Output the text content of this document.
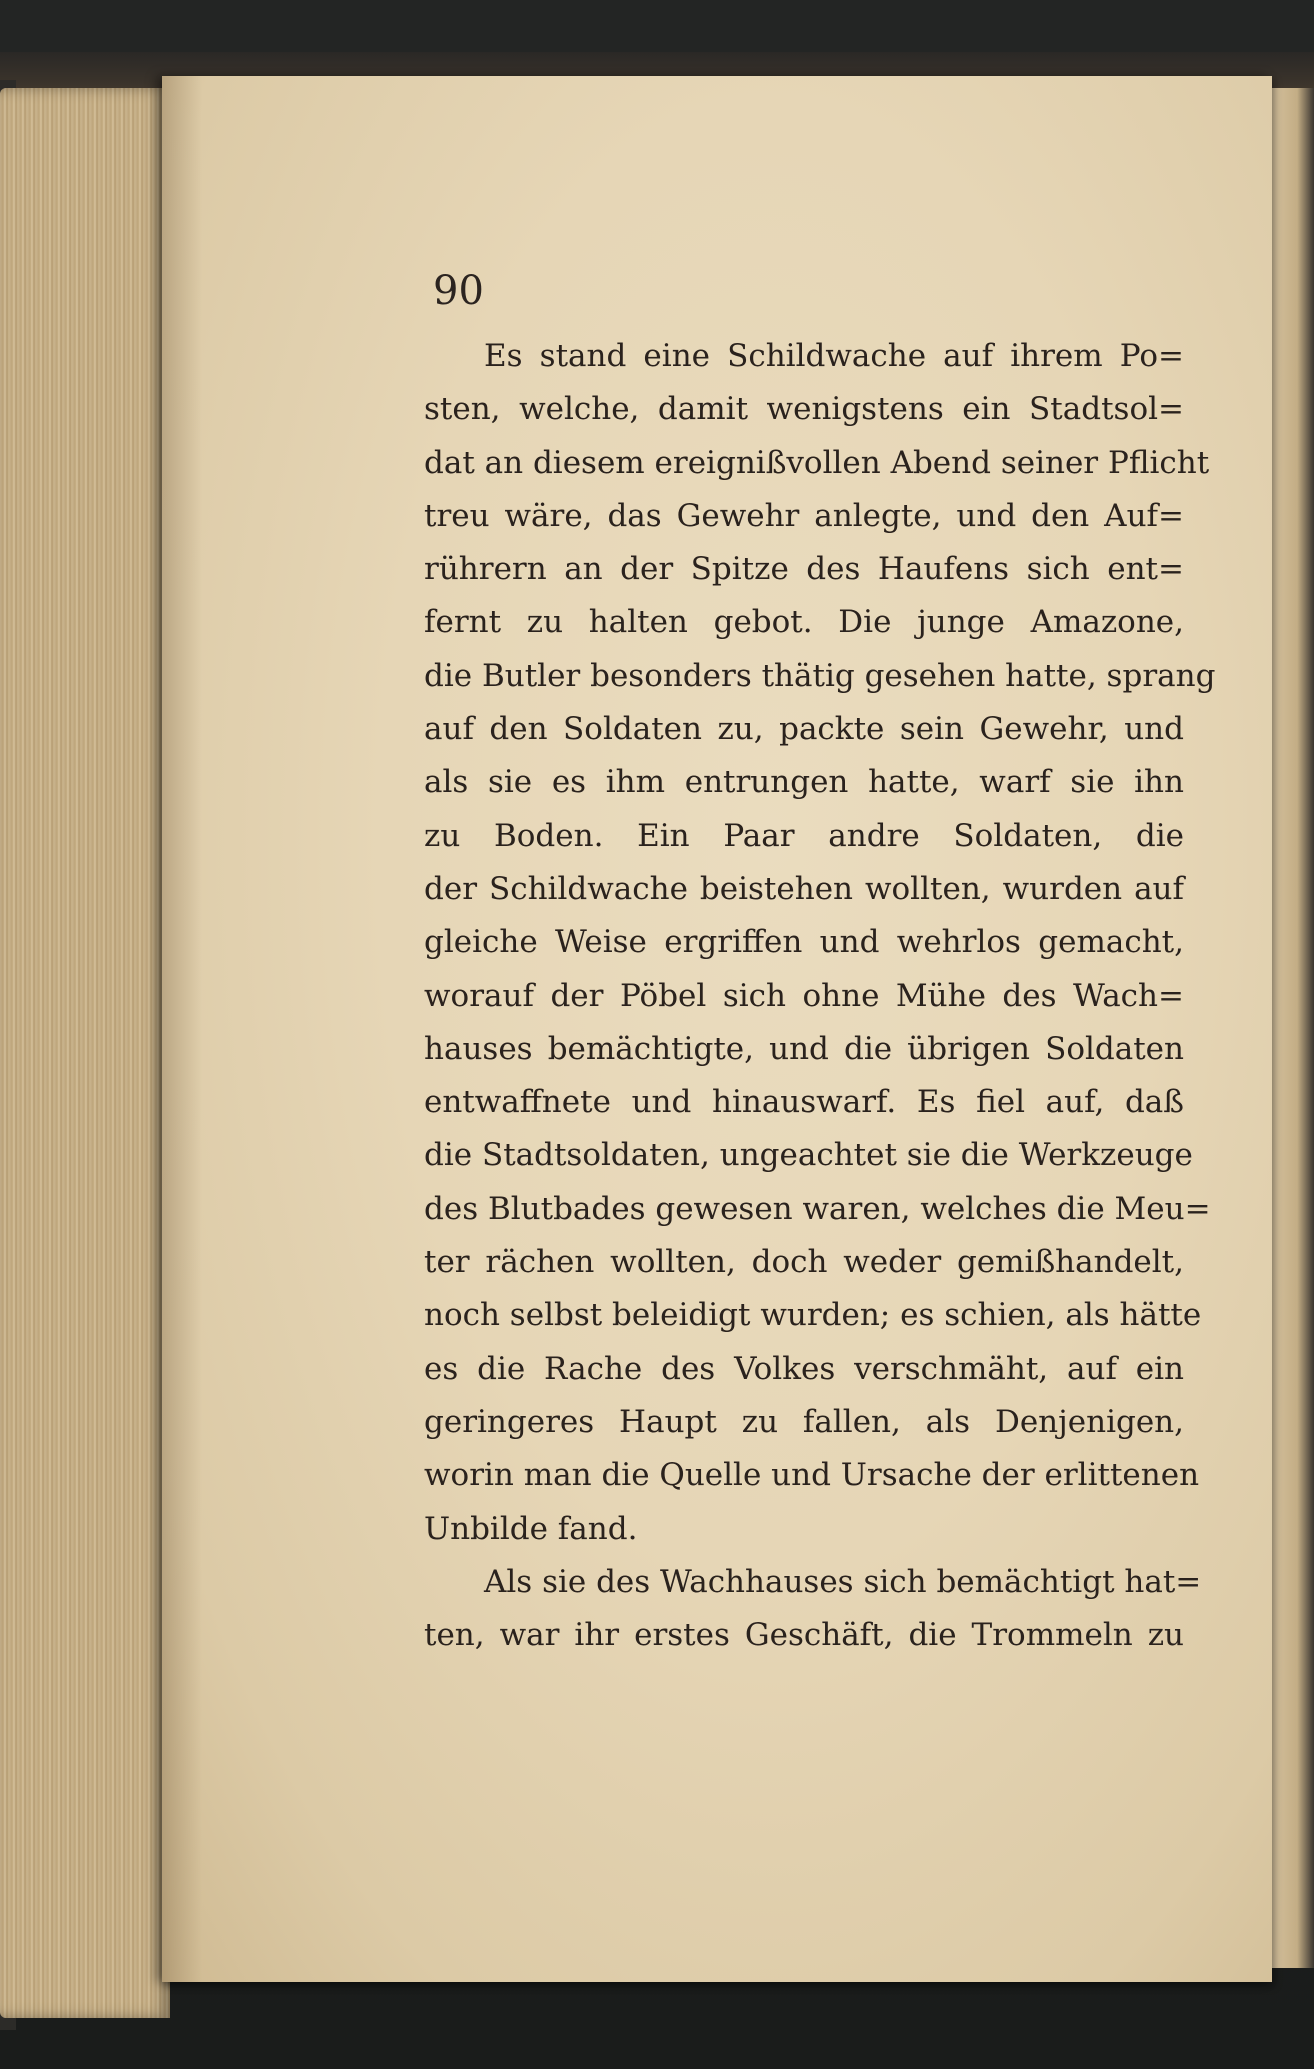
90
Es stand eine Schildwache auf ihrem Po=
sten, welche, damit wenigstens ein Stadtsol=
dat an diesem ereignißvollen Abend seiner Pflicht
treu wäre, das Gewehr anlegte, und den Auf=
rührern an der Spitze des Haufens sich ent=
fernt zu halten gebot. Die junge Amazone,
die Butler besonders thätig gesehen hatte, sprang
auf den Soldaten zu, packte sein Gewehr, und
als sie es ihm entrungen hatte, warf sie ihn
zu Boden. Ein Paar andre Soldaten, die
der Schildwache beistehen wollten, wurden auf
gleiche Weise ergriffen und wehrlos gemacht,
worauf der Pöbel sich ohne Mühe des Wach=
hauses bemächtigte, und die übrigen Soldaten
entwaffnete und hinauswarf. Es fiel auf, daß
die Stadtsoldaten, ungeachtet sie die Werkzeuge
des Blutbades gewesen waren, welches die Meu=
ter rächen wollten, doch weder gemißhandelt,
noch selbst beleidigt wurden; es schien, als hätte
es die Rache des Volkes verschmäht, auf ein
geringeres Haupt zu fallen, als Denjenigen,
worin man die Quelle und Ursache der erlittenen
Unbilde fand.
Als sie des Wachhauses sich bemächtigt hat=
ten, war ihr erstes Geschäft, die Trommeln zu
